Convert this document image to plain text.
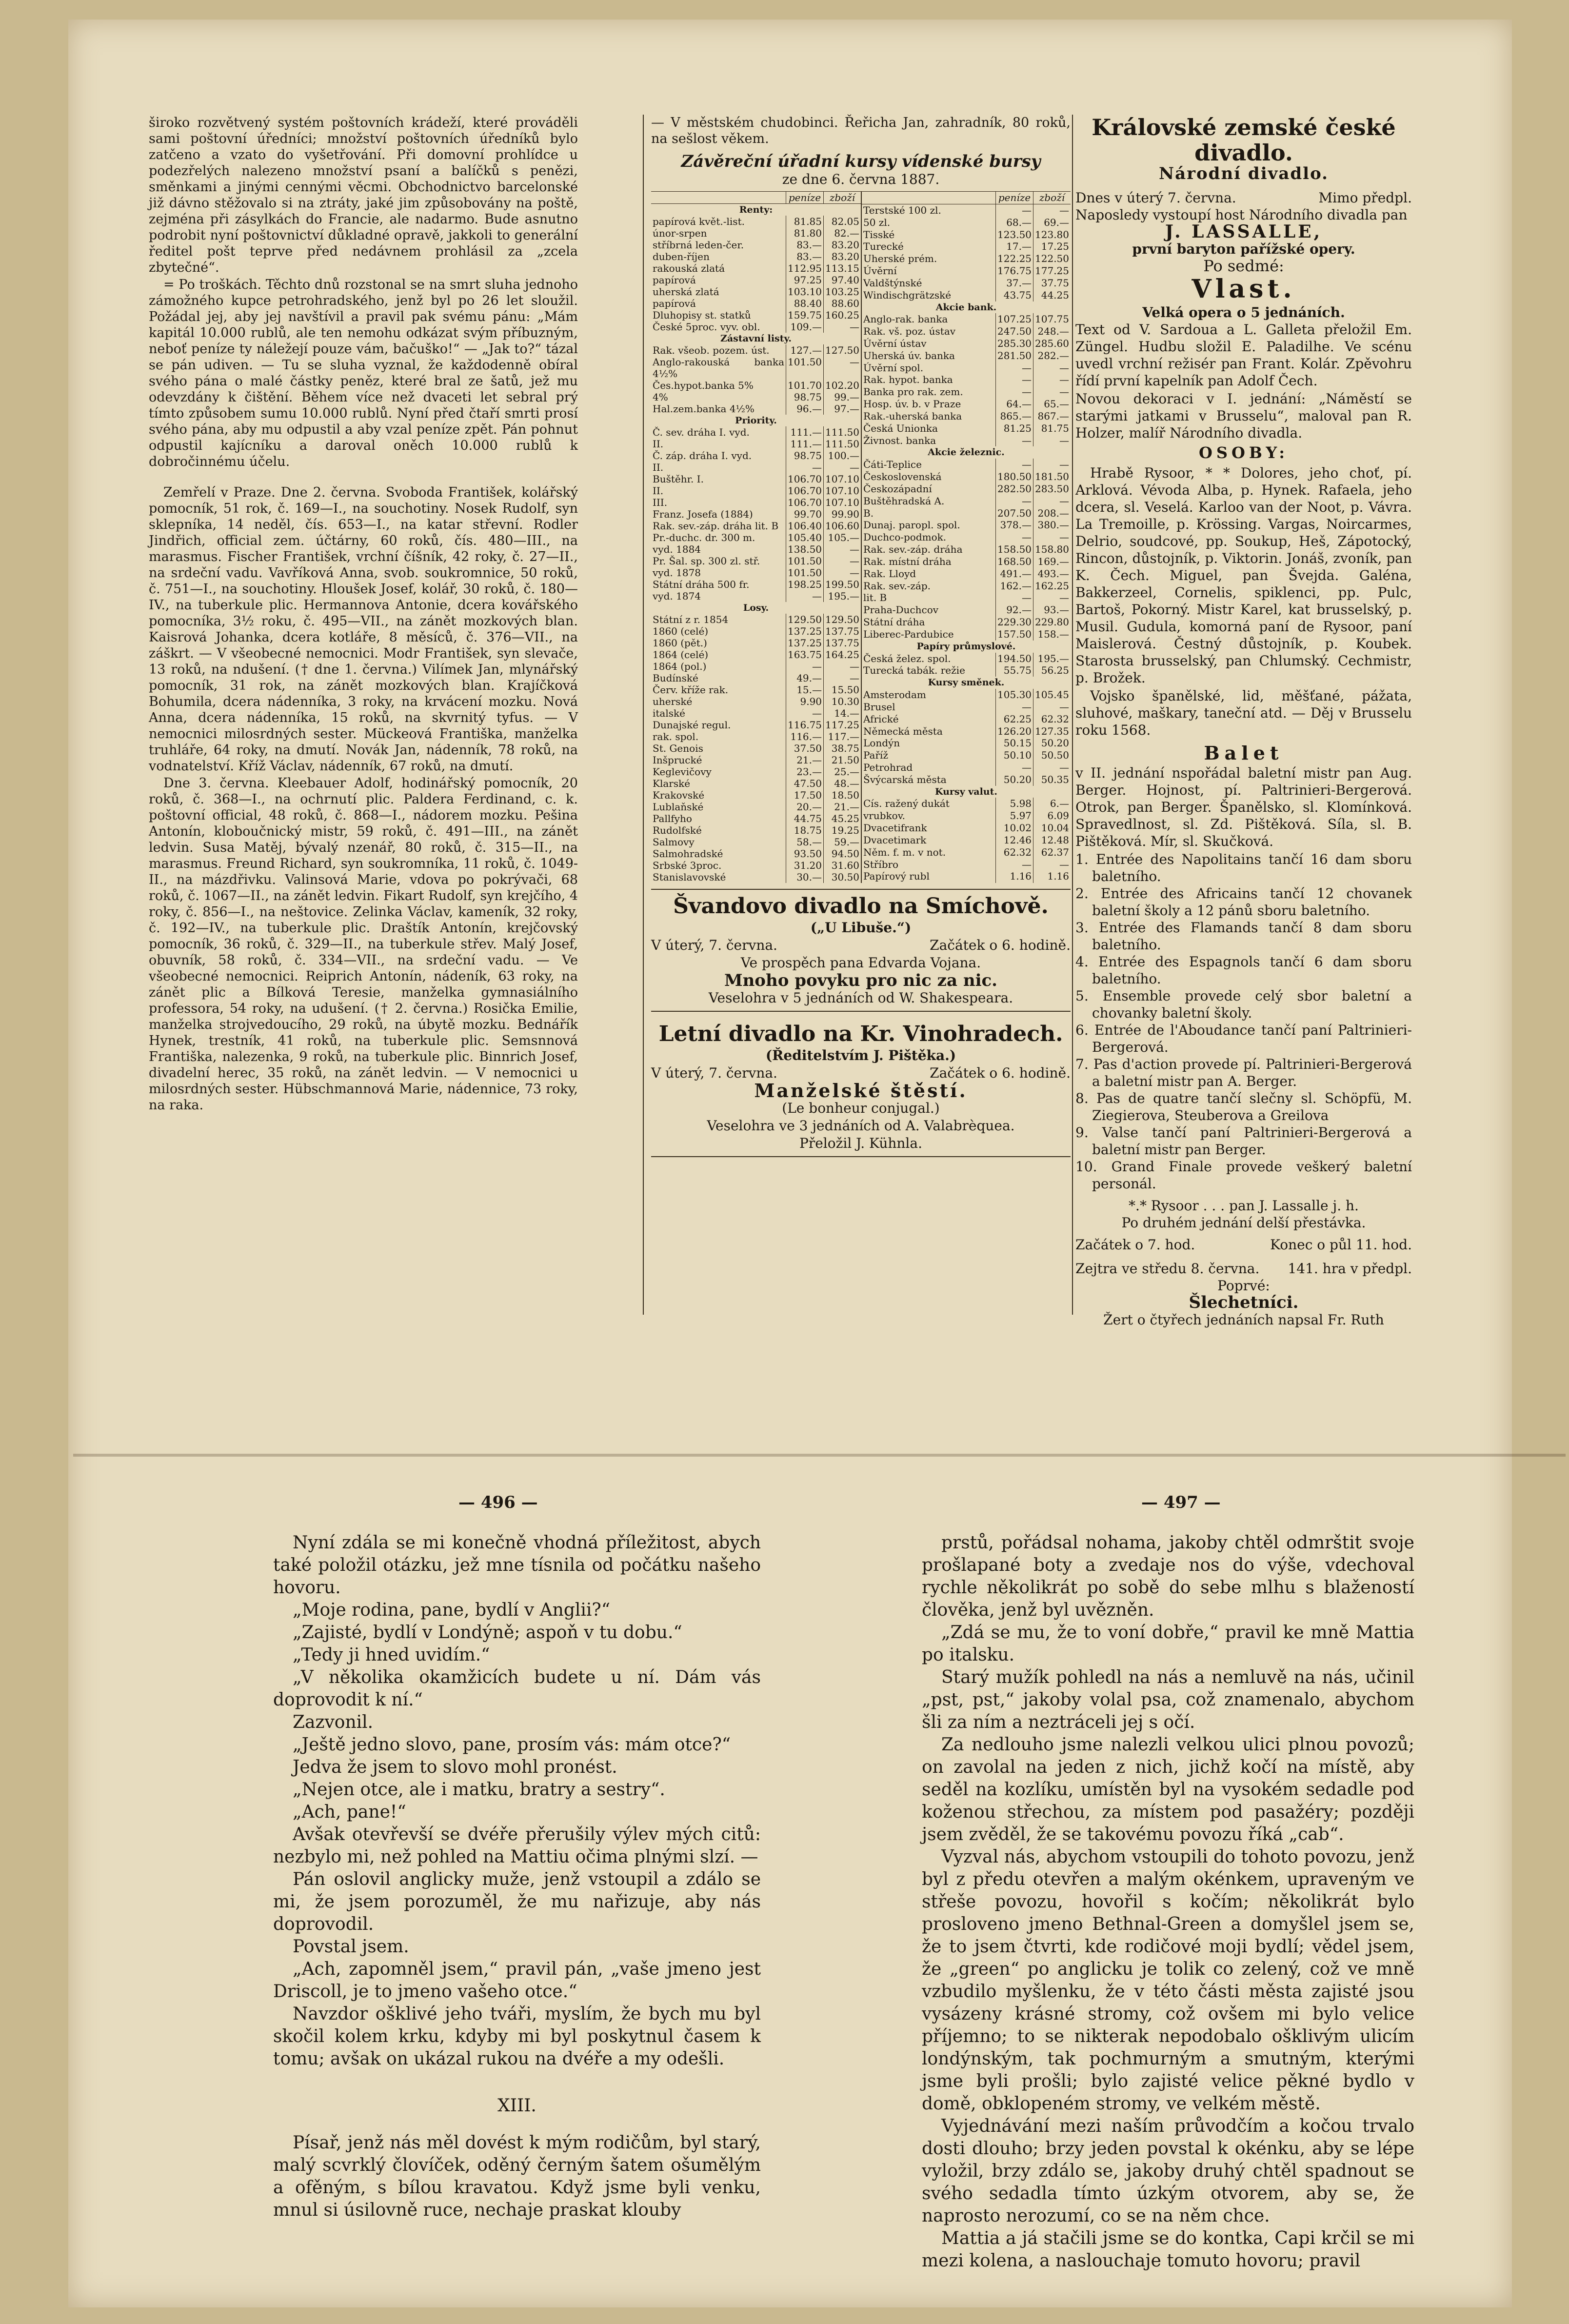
široko rozvětvený systém poštovních krádeží, které prováděli sami poštovní úředníci; množství poštovních úředníků bylo zatčeno a vzato do vyšetřování. Při domovní prohlídce u podezřelých nalezeno množství psaní a balíčků s penězi, směnkami a jinými cennými věcmi. Obchodnictvo barcelonské již dávno stěžovalo si na ztráty, jaké jim způsobovány na poště, zejména při zásylkách do Francie, ale nadarmo. Bude asnutno podrobit nyní poštovnictví důkladné opravě, jakkoli to generální ředitel pošt teprve před nedávnem prohlásil za „zcela zbytečné“.

= Po troškách. Těchto dnů rozstonal se na smrt sluha jednoho zámožného kupce petrohradského, jenž byl po 26 let sloužil. Požádal jej, aby jej navštívil a pravil pak svému pánu: „Mám kapitál 10.000 rublů, ale ten nemohu odkázat svým příbuzným, neboť peníze ty náležejí pouze vám, bačuško!“ — „Jak to?“ tázal se pán udiven. — Tu se sluha vyznal, že každodenně obíral svého pána o malé částky peněz, které bral ze šatů, jež mu odevzdány k čištění. Během více než dvaceti let sebral prý tímto způsobem sumu 10.000 rublů. Nyní před čtaří smrti prosí svého pána, aby mu odpustil a aby vzal peníze zpět. Pán pohnut odpustil kajícníku a daroval oněch 10.000 rublů k dobročinnému účelu.

Zemřelí v Praze. Dne 2. června. Svoboda František, kolářský pomocník, 51 rok, č. 169—I., na souchotiny. Nosek Rudolf, syn sklepníka, 14 neděl, čís. 653—I., na katar střevní. Rodler Jindřich, official zem. účtárny, 60 roků, čís. 480—III., na marasmus. Fischer František, vrchní číšník, 42 roky, č. 27—II., na srdeční vadu. Vavříková Anna, svob. soukromnice, 50 roků, č. 751—I., na souchotiny. Hloušek Josef, kolář, 30 roků, č. 180—IV., na tuberkule plic. Hermannova Antonie, dcera kovářského pomocníka, 3½ roku, č. 495—VII., na zánět mozkových blan. Kaisrová Johanka, dcera kotláře, 8 měsíců, č. 376—VII., na záškrt. — V všeobecné nemocnici. Modr František, syn slevače, 13 roků, na ndušení. († dne 1. června.) Vilímek Jan, mlynářský pomocník, 31 rok, na zánět mozkových blan. Krajíčková Bohumila, dcera nádenníka, 3 roky, na krvácení mozku. Nová Anna, dcera nádenníka, 15 roků, na skvrnitý tyfus. — V nemocnici milosrdných sester. Mückeová Františka, manželka truhláře, 64 roky, na dmutí. Novák Jan, nádenník, 78 roků, na vodnatelství. Kříž Václav, nádenník, 67 roků, na dmutí.

Dne 3. června. Kleebauer Adolf, hodinářský pomocník, 20 roků, č. 368—I., na ochrnutí plic. Paldera Ferdinand, c. k. poštovní official, 48 roků, č. 868—I., nádorem mozku. Pešina Antonín, kloboučnický mistr, 59 roků, č. 491—III., na zánět ledvin. Susa Matěj, bývalý nzenář, 80 roků, č. 315—II., na marasmus. Freund Richard, syn soukromníka, 11 roků, č. 1049-II., na mázdřivku. Valinsová Marie, vdova po pokrývači, 68 roků, č. 1067—II., na zánět ledvin. Fikart Rudolf, syn krejčího, 4 roky, č. 856—I., na neštovice. Zelinka Václav, kameník, 32 roky, č. 192—IV., na tuberkule plic. Draštík Antonín, krejčovský pomocník, 36 roků, č. 329—II., na tuberkule střev. Malý Josef, obuvník, 58 roků, č. 334—VII., na srdeční vadu. — Ve všeobecné nemocnici. Reiprich Antonín, nádeník, 63 roky, na zánět plic a Bílková Teresie, manželka gymnasiálního professora, 54 roky, na udušení. († 2. června.) Rosička Emilie, manželka strojvedoucího, 29 roků, na úbytě mozku. Bednářík Hynek, trestník, 41 roků, na tuberkule plic. Semsnnová Františka, nalezenka, 9 roků, na tuberkule plic. Binnrich Josef, divadelní herec, 35 roků, na zánět ledvin. — V nemocnici u milosrdných sester. Hübschmannová Marie, nádennice, 73 roky, na raka.

— V městském chudobinci. Řeřicha Jan, zahradník, 80 roků, na sešlost věkem.

Závěreční úřadní kursy vídenské bursy
ze dne 6. června 1887.
	peníze	zboží
Renty:		
papírová květ.-list.	81.85	82.05
únor-srpen	81.80	82.—
stříbrná leden-čer.	83.—	83.20
duben-říjen	83.—	83.20
rakouská zlatá	112.95	113.15
papírová	97.25	97.40
uherská zlatá	103.10	103.25
papírová	88.40	88.60
Dluhopisy st. statků	159.75	160.25
České 5proc. vyv. obl.	109.—	—
Zástavní listy.		
Rak. všeob. pozem. úst.	127.—	127.50
Anglo-rakouská banka 4½%	101.50	—
Čes.hypot.banka 5%	101.70	102.20
4%	98.75	99.—
Hal.zem.banka 4½%	96.—	97.—
Priority.		
Č. sev. dráha I. vyd.	111.—	111.50
II.	111.—	111.50
Č. záp. dráha I. vyd.	98.75	100.—
II.	—	—
Buštěhr. I.	106.70	107.10
II.	106.70	107.10
III.	106.70	107.10
Franz. Josefa (1884)	99.70	99.90
Rak. sev.-záp. dráha lit. B	106.40	106.60
Pr.-duchc. dr. 300 m.	105.40	105.—
vyd. 1884	138.50	—
Pr. Šal. sp. 300 zl. stř.	101.50	—
vyd. 1878	101.50	—
Státní dráha 500 fr.	198.25	199.50
vyd. 1874	—	195.—
Losy.		
Státní z r. 1854	129.50	129.50
1860 (celé)	137.25	137.75
1860 (pět.)	137.25	137.75
1864 (celé)	163.75	164.25
1864 (pol.)	—	—
Budínské	49.—	—
Červ. kříže rak.	15.—	15.50
uherské	9.90	10.30
italské	—	14.—
Dunajské regul.	116.75	117.25
rak. spol.	116.—	117.—
St. Genois	37.50	38.75
Inšprucké	21.—	21.50
Keglevičovy	23.—	25.—
Klarské	47.50	48.—
Krakovské	17.50	18.50
Lublaňské	20.—	21.—
Pallfyho	44.75	45.25
Rudolfské	18.75	19.25
Salmovy	58.—	59.—
Salmohradské	93.50	94.50
Srbské 3proc.	31.20	31.60
Stanislavovské	30.—	30.50
	peníze	zboží
Terstské 100 zl.	—	—
50 zl.	68.—	69.—
Tisské	123.50	123.80
Turecké	17.—	17.25
Uherské prém.	122.25	122.50
Úvěrní	176.75	177.25
Valdštýnské	37.—	37.75
Windischgrätzské	43.75	44.25
Akcie bank.		
Anglo-rak. banka	107.25	107.75
Rak. vš. poz. ústav	247.50	248.—
Úvěrní ústav	285.30	285.60
Uherská úv. banka	281.50	282.—
Úvěrní spol.	—	—
Rak. hypot. banka	—	—
Banka pro rak. zem.	—	—
Hosp. úv. b. v Praze	64.—	65.—
Rak.-uherská banka	865.—	867.—
Česká Unionka	81.25	81.75
Živnost. banka	—	—
Akcie železnic.		
Čáti-Teplice	—	—
Československá	180.50	181.50
Českozápadní	282.50	283.50
Buštěhradská A.	—	—
B.	207.50	208.—
Dunaj. paropl. spol.	378.—	380.—
Duchco-podmok.	—	—
Rak. sev.-záp. dráha	158.50	158.80
Rak. místní dráha	168.50	169.—
Rak. Lloyd	491.—	493.—
Rak. sev.-záp.	162.—	162.25
lit. B	—	—
Praha-Duchcov	92.—	93.—
Státní dráha	229.30	229.80
Liberec-Pardubice	157.50	158.—
Papíry průmyslové.		
Česká želez. spol.	194.50	195.—
Turecká tabák. režie	55.75	56.25
Kursy směnek.		
Amsterodam	105.30	105.45
Brusel	—	—
Africké	62.25	62.32
Německá města	126.20	127.35
Londýn	50.15	50.20
Paříž	50.10	50.50
Petrohrad	—	—
Švýcarská města	50.20	50.35
Kursy valut.		
Cís. ražený dukát	5.98	6.—
vrubkov.	5.97	6.09
Dvacetifrank	10.02	10.04
Dvacetimark	12.46	12.48
Něm. f. m. v not.	62.32	62.37
Stříbro	—	—
Papírový rubl	1.16	1.16
Švandovo divadlo na Smíchově.
(„U Libuše.“)
V úterý, 7. června.	Začátek o 6. hodině.
Ve prospěch pana Edvarda Vojana.
Mnoho povyku pro nic za nic.
Veselohra v 5 jednáních od W. Shakespeara.
Letní divadlo na Kr. Vinohradech.
(Ředitelstvím J. Pištěka.)
V úterý, 7. června.	Začátek o 6. hodině.
Manželské štěstí.
(Le bonheur conjugal.)
Veselohra ve 3 jednáních od A. Valabrèquea.
Přeložil J. Kühnla.
Královské zemské české divadlo.
Národní divadlo.
Dnes v úterý 7. června.	Mimo předpl.
Naposledy vystoupí host Národního divadla pan
J. LASSALLE,
první baryton pařížské opery.
Po sedmé:
Vlast.
Velká opera o 5 jednáních.

Text od V. Sardoua a L. Galleta přeložil Em. Züngel. Hudbu složil E. Paladilhe. Ve scénu uvedl vrchní režisér pan Frant. Kolár. Zpěvohru řídí první kapelník pan Adolf Čech.

Novou dekoraci v I. jednání: „Náměstí se starými jatkami v Brusselu“, maloval pan R. Holzer, malíř Národního divadla.

OSOBY:

Hrabě Rysoor, * * Dolores, jeho choť, pí. Arklová. Vévoda Alba, p. Hynek. Rafaela, jeho dcera, sl. Veselá. Karloo van der Noot, p. Vávra. La Tremoille, p. Krössing. Vargas, Noircarmes, Delrio, soudcové, pp. Soukup, Heš, Zápotocký, Rincon, důstojník, p. Viktorin. Jonáš, zvoník, pan K. Čech. Miguel, pan Švejda. Galéna, Bakkerzeel, Cornelis, spiklenci, pp. Pulc, Bartoš, Pokorný. Mistr Karel, kat brusselský, p. Musil. Gudula, komorná paní de Rysoor, paní Maislerová. Čestný důstojník, p. Koubek. Starosta brusselský, pan Chlumský. Cechmistr, p. Brožek.

Vojsko španělské, lid, měšťané, pážata, sluhové, maškary, taneční atd. — Děj v Brusselu roku 1568.

Balet

v II. jednání nspořádal baletní mistr pan Aug. Berger. Hojnost, pí. Paltrinieri-Bergerová. Otrok, pan Berger. Španělsko, sl. Klomínková. Spravedlnost, sl. Zd. Pištěková. Síla, sl. B. Pištěková. Mír, sl. Skučková.

1. Entrée des Napolitains tančí 16 dam sboru baletního.
2. Entrée des Africains tančí 12 chovanek baletní školy a 12 pánů sboru baletního.
3. Entrée des Flamands tančí 8 dam sboru baletního.
4. Entrée des Espagnols tančí 6 dam sboru baletního.
5. Ensemble provede celý sbor baletní a chovanky baletní školy.
6. Entrée de l'Aboudance tančí paní Paltrinieri-Bergerová.
7. Pas d'action provede pí. Paltrinieri-Bergerová a baletní mistr pan A. Berger.
8. Pas de quatre tančí slečny sl. Schöpfü, M. Ziegierova, Steuberova a Greilova
9. Valse tančí paní Paltrinieri-Bergerová a baletní mistr pan Berger.
10. Grand Finale provede veškerý baletní personál.
*.* Rysoor . . . pan J. Lassalle j. h.
Po druhém jednání delší přestávka.
Začátek o 7. hod.	Konec o půl 11. hod.
Zejtra ve středu 8. června. 141. hra v předpl.
Poprvé:
Šlechetníci.
Žert o čtyřech jednáních napsal Fr. Ruth
— 496 —	— 497 —

Nyní zdála se mi konečně vhodná příležitost, abych také položil otázku, jež mne tísnila od počátku našeho hovoru.

„Moje rodina, pane, bydlí v Anglii?“

„Zajisté, bydlí v Londýně; aspoň v tu dobu.“

„Tedy ji hned uvidím.“

„V několika okamžicích budete u ní. Dám vás doprovodit k ní.“

Zazvonil.

„Ještě jedno slovo, pane, prosím vás: mám otce?“

Jedva že jsem to slovo mohl pronést.

„Nejen otce, ale i matku, bratry a sestry“.

„Ach, pane!“

Avšak otevřevší se dvéře přerušily výlev mých citů: nezbylo mi, než pohled na Mattiu očima plnými slzí. —

Pán oslovil anglicky muže, jenž vstoupil a zdálo se mi, že jsem porozuměl, že mu nařizuje, aby nás doprovodil.

Povstal jsem.

„Ach, zapomněl jsem,“ pravil pán, „vaše jmeno jest Driscoll, je to jmeno vašeho otce.“

Navzdor ošklivé jeho tváři, myslím, že bych mu byl skočil kolem krku, kdyby mi byl poskytnul časem k tomu; avšak on ukázal rukou na dvéře a my odešli.

XIII.

Písař, jenž nás měl dovést k mým rodičům, byl starý, malý scvrklý človíček, oděný černým šatem ošumělým a ofěným, s bílou kravatou. Když jsme byli venku, mnul si úsilovně ruce, nechaje praskat klouby

prstů, pořádsal nohama, jakoby chtěl odmrštit svoje prošlapané boty a zvedaje nos do výše, vdechoval rychle několikrát po sobě do sebe mlhu s blažeností člověka, jenž byl uvězněn.

„Zdá se mu, že to voní dobře,“ pravil ke mně Mattia po italsku.

Starý mužík pohledl na nás a nemluvě na nás, učinil „pst, pst,“ jakoby volal psa, což znamenalo, abychom šli za ním a neztráceli jej s očí.

Za nedlouho jsme nalezli velkou ulici plnou povozů; on zavolal na jeden z nich, jichž kočí na místě, aby seděl na kozlíku, umístěn byl na vysokém sedadle pod koženou střechou, za místem pod pasažéry; později jsem zvěděl, že se takovému povozu říká „cab“.

Vyzval nás, abychom vstoupili do tohoto povozu, jenž byl z předu otevřen a malým okénkem, upraveným ve střeše povozu, hovořil s kočím; několikrát bylo prosloveno jmeno Bethnal-Green a domyšlel jsem se, že to jsem čtvrti, kde rodičové moji bydlí; vědel jsem, že „green“ po anglicku je tolik co zelený, což ve mně vzbudilo myšlenku, že v této části města zajisté jsou vysázeny krásné stromy, což ovšem mi bylo velice příjemno; to se nikterak nepodobalo ošklivým ulicím londýnským, tak pochmurným a smutným, kterými jsme byli prošli; bylo zajisté velice pěkné bydlo v domě, obklopeném stromy, ve velkém městě.

Vyjednávání mezi naším průvodčím a kočou trvalo dosti dlouho; brzy jeden povstal k okénku, aby se lépe vyložil, brzy zdálo se, jakoby druhý chtěl spadnout se svého sedadla tímto úzkým otvorem, aby se, že naprosto nerozumí, co se na něm chce.

Mattia a já stačili jsme se do kontka, Capi krčil se mi mezi kolena, a naslouchaje tomuto hovoru; pravil
